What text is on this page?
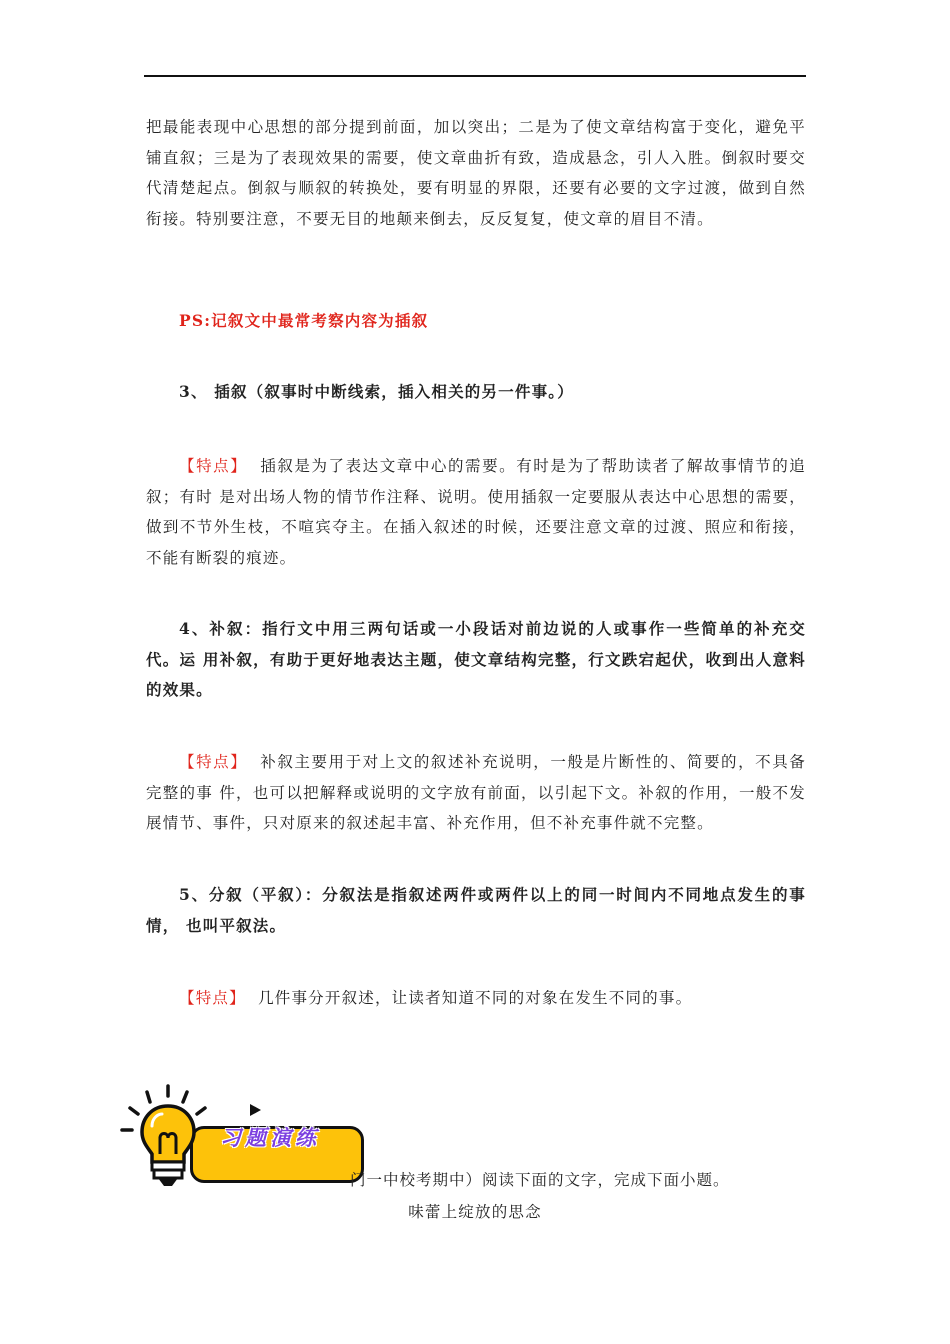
把最能表现中心思想的部分提到前面，加以突出；二是为了使文章结构富于变化，避免平铺直叙；三是为了表现效果的需要，使文章曲折有致，造成悬念，引人入胜。倒叙时要交代清楚起点。倒叙与顺叙的转换处，要有明显的界限，还要有必要的文字过渡，做到自然衔接。特别要注意，不要无目的地颠来倒去，反反复复，使文章的眉目不清。

PS:记叙文中最常考察内容为插叙

3、 插叙（叙事时中断线索，插入相关的另一件事。）

【特点】 插叙是为了表达文章中心的需要。有时是为了帮助读者了解故事情节的追叙；有时 是对出场人物的情节作注释、说明。使用插叙一定要服从表达中心思想的需要，做到不节外生枝，不喧宾夺主。在插入叙述的时候，还要注意文章的过渡、照应和衔接，不能有断裂的痕迹。

4、补叙：指行文中用三两句话或一小段话对前边说的人或事作一些简单的补充交代。运 用补叙，有助于更好地表达主题，使文章结构完整，行文跌宕起伏，收到出人意料的效果。

【特点】 补叙主要用于对上文的叙述补充说明，一般是片断性的、简要的，不具备完整的事 件，也可以把解释或说明的文字放有前面，以引起下文。补叙的作用，一般不发展情节、事件，只对原来的叙述起丰富、补充作用，但不补充事件就不完整。

5、分叙（平叙）：分叙法是指叙述两件或两件以上的同一时间内不同地点发生的事情， 也叫平叙法。

【特点】 几件事分开叙述，让读者知道不同的对象在发生不同的事。

习题演练
门一中校考期中）阅读下面的文字，完成下面小题。
味蕾上绽放的思念
